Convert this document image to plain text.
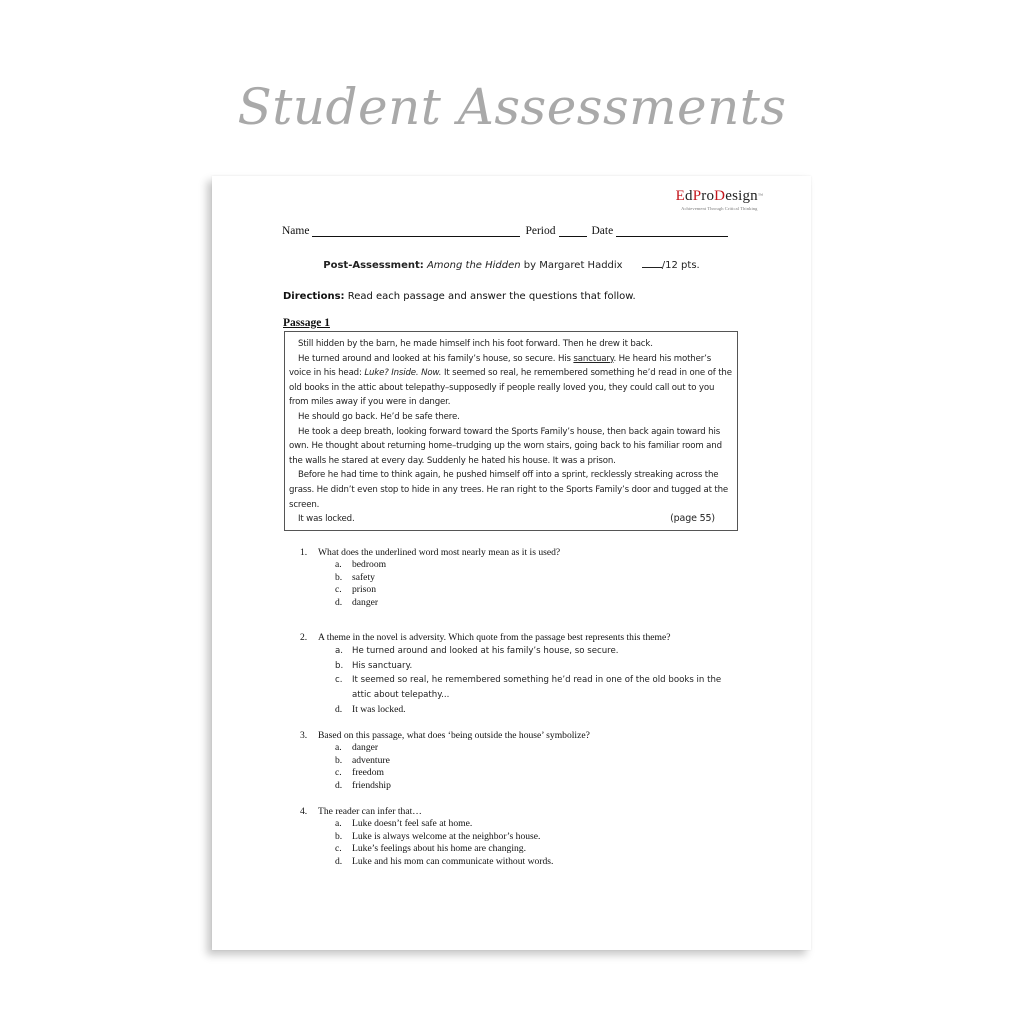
Student Assessments
EdProDesign™
Achievement Through Critical Thinking
Name	Period	Date
Post-Assessment: Among the Hidden by Margaret Haddix	/12 pts.
Directions: Read each passage and answer the questions that follow.
Passage 1

Still hidden by the barn, he made himself inch his foot forward. Then he drew it back.

He turned around and looked at his family’s house, so secure. His sanctuary. He heard his mother’s voice in his head: Luke? Inside. Now. It seemed so real, he remembered something he’d read in one of the old books in the attic about telepathy–supposedly if people really loved you, they could call out to you from miles away if you were in danger.

He should go back. He’d be safe there.

He took a deep breath, looking forward toward the Sports Family’s house, then back again toward his own. He thought about returning home–trudging up the worn stairs, going back to his familiar room and the walls he stared at every day. Suddenly he hated his house. It was a prison.

Before he had time to think again, he pushed himself off into a sprint, recklessly streaking across the grass. He didn’t even stop to hide in any trees. He ran right to the Sports Family’s door and tugged at the screen.

It was locked.	(page 55)

1.	What does the underlined word most nearly mean as it is used?
a.	bedroom
b.	safety
c.	prison
d.	danger
2.	A theme in the novel is adversity. Which quote from the passage best represents this theme?
a.	He turned around and looked at his family’s house, so secure.
b.	His sanctuary.
c.	It seemed so real, he remembered something he’d read in one of the old books in the attic about telepathy...
d.	It was locked.
3.	Based on this passage, what does ‘being outside the house’ symbolize?
a.	danger
b.	adventure
c.	freedom
d.	friendship
4.	The reader can infer that…
a.	Luke doesn’t feel safe at home.
b.	Luke is always welcome at the neighbor’s house.
c.	Luke’s feelings about his home are changing.
d.	Luke and his mom can communicate without words.
